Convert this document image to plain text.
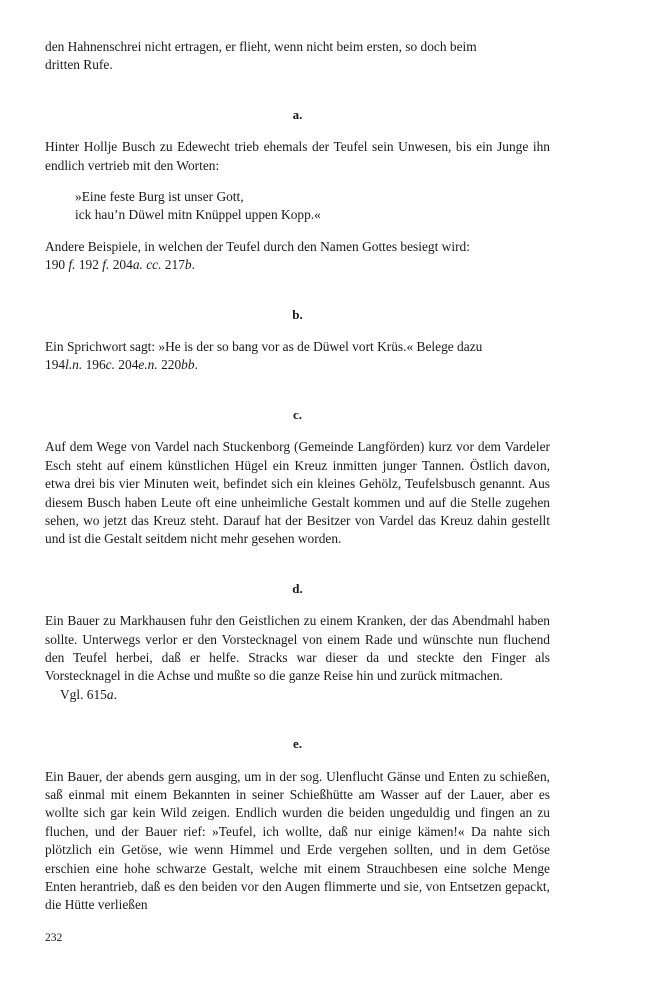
den Hahnenschrei nicht ertragen, er flieht, wenn nicht beim ersten, so doch beim
dritten Rufe.

a.

Hinter Hollje Busch zu Edewecht trieb ehemals der Teufel sein Unwesen, bis ein Junge ihn endlich vertrieb mit den Worten:

»Eine feste Burg ist unser Gott,
ick hau’n Düwel mitn Knüppel uppen Kopp.«

Andere Beispiele, in welchen der Teufel durch den Namen Gottes besiegt wird:
190 f. 192 f. 204a. cc. 217b.

b.

Ein Sprichwort sagt: »He is der so bang vor as de Düwel vort Krüs.« Belege dazu
194l.n. 196c. 204e.n. 220bb.

c.

Auf dem Wege von Vardel nach Stuckenborg (Gemeinde Langförden) kurz vor dem Vardeler Esch steht auf einem künstlichen Hügel ein Kreuz inmitten junger Tannen. Östlich davon, etwa drei bis vier Minuten weit, befindet sich ein kleines Gehölz, Teufelsbusch genannt. Aus diesem Busch haben Leute oft eine unheimliche Gestalt kommen und auf die Stelle zugehen sehen, wo jetzt das Kreuz steht. Darauf hat der Besitzer von Vardel das Kreuz dahin gestellt und ist die Gestalt seitdem nicht mehr gesehen worden.

d.

Ein Bauer zu Markhausen fuhr den Geistlichen zu einem Kranken, der das Abendmahl haben sollte. Unterwegs verlor er den Vorstecknagel von einem Rade und wünschte nun fluchend den Teufel herbei, daß er helfe. Stracks war dieser da und steckte den Finger als Vorstecknagel in die Achse und mußte so die ganze Reise hin und zurück mitmachen.

Vgl. 615a.

e.

Ein Bauer, der abends gern ausging, um in der sog. Ulenflucht Gänse und Enten zu schießen, saß einmal mit einem Bekannten in seiner Schießhütte am Wasser auf der Lauer, aber es wollte sich gar kein Wild zeigen. Endlich wurden die beiden ungeduldig und fingen an zu fluchen, und der Bauer rief: »Teufel, ich wollte, daß nur einige kämen!« Da nahte sich plötzlich ein Getöse, wie wenn Himmel und Erde vergehen sollten, und in dem Getöse erschien eine hohe schwarze Gestalt, welche mit einem Strauchbesen eine solche Menge Enten herantrieb, daß es den beiden vor den Augen flimmerte und sie, von Entsetzen gepackt, die Hütte verließen

232
